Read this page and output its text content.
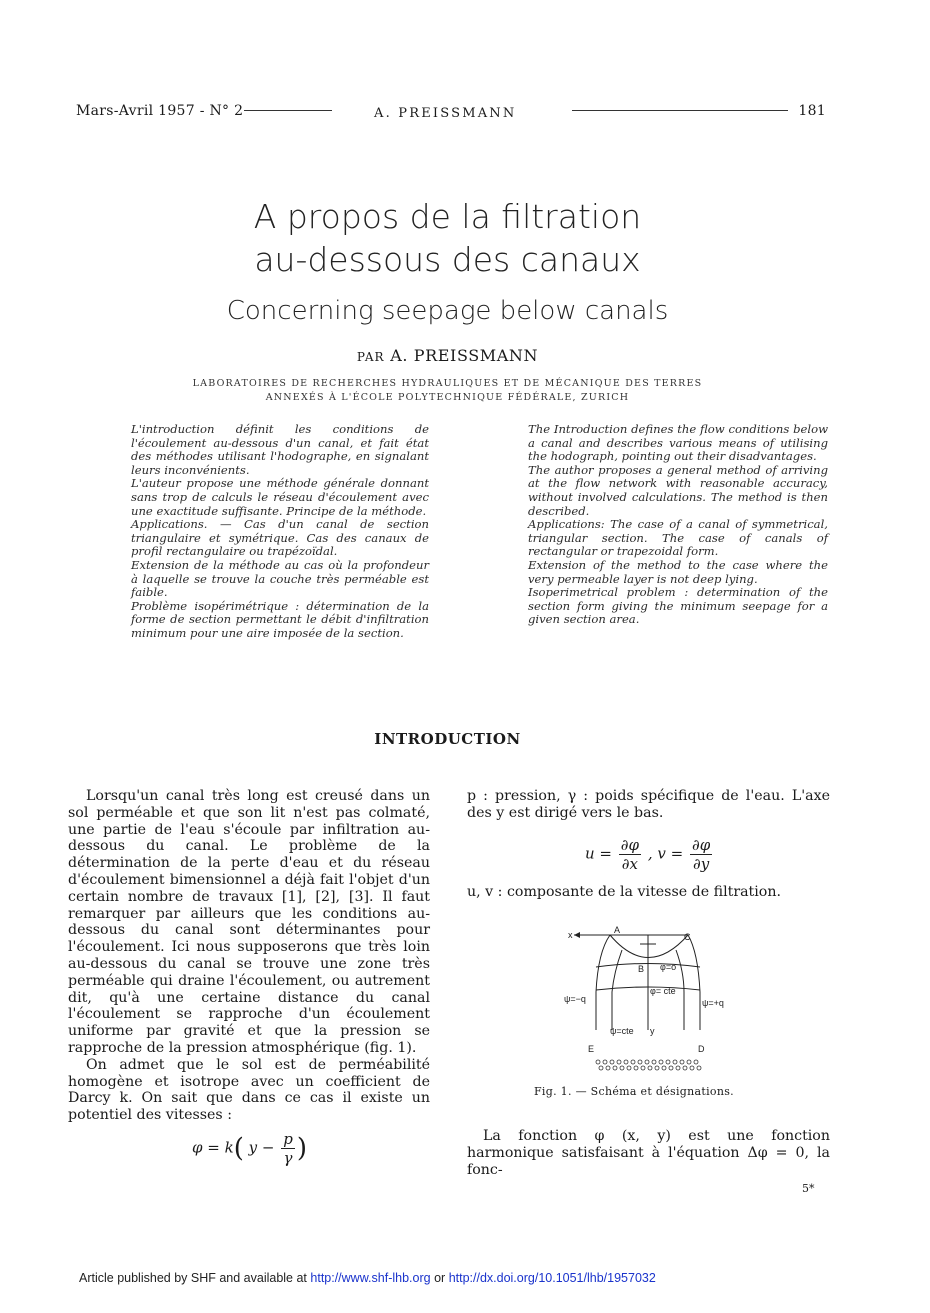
Mars-Avril 1957 - N° 2	A. PREISSMANN	181
A propos de la filtration
au-dessous des canaux
Concerning seepage below canals
PAR A. PREISSMANN
LABORATOIRES DE RECHERCHES HYDRAULIQUES ET DE MÉCANIQUE DES TERRES
ANNEXÉS À L'ÉCOLE POLYTECHNIQUE FÉDÉRALE, ZURICH

L'introduction définit les conditions de l'écoulement au-dessous d'un canal, et fait état des méthodes utilisant l'hodographe, en signalant leurs inconvénients.

L'auteur propose une méthode générale donnant sans trop de calculs le réseau d'écoulement avec une exactitude suffisante. Principe de la méthode.

Applications. — Cas d'un canal de section triangulaire et symétrique. Cas des canaux de profil rectangulaire ou trapézoïdal.

Extension de la méthode au cas où la profondeur à laquelle se trouve la couche très perméable est faible.

Problème isopérimétrique : détermination de la forme de section permettant le débit d'infiltration minimum pour une aire imposée de la section.

The Introduction defines the flow conditions below a canal and describes various means of utilising the hodograph, pointing out their disadvantages.

The author proposes a general method of arriving at the flow network with reasonable accuracy, without involved calculations. The method is then described.

Applications: The case of a canal of symmetrical, triangular section. The case of canals of rectangular or trapezoidal form.

Extension of the method to the case where the very permeable layer is not deep lying.

Isoperimetrical problem : determination of the section form giving the minimum seepage for a given section area.

INTRODUCTION

Lorsqu'un canal très long est creusé dans un sol perméable et que son lit n'est pas colmaté, une partie de l'eau s'écoule par infiltration au-dessous du canal. Le problème de la détermination de la perte d'eau et du réseau d'écoulement bimensionnel a déjà fait l'objet d'un certain nombre de travaux [1], [2], [3]. Il faut remarquer par ailleurs que les conditions au-dessous du canal sont déterminantes pour l'écoulement. Ici nous supposerons que très loin au-dessous du canal se trouve une zone très perméable qui draine l'écoulement, ou autrement dit, qu'à une certaine distance du canal l'écoulement se rapproche d'un écoulement uniforme par gravité et que la pression se rapproche de la pression atmosphérique (fig. 1).

On admet que le sol est de perméabilité homogène et isotrope avec un coefficient de Darcy k. On sait que dans ce cas il existe un potentiel des vitesses :

φ = k( $y - \frac{p}{\gamma}$ )
p : pression, γ : poids spécifique de l'eau. L'axe des y est dirigé vers le bas.
$u = \frac{\partial\varphi}{\partial x}$ , $v = \frac{\partial\varphi}{\partial y}$
u, v : composante de la vitesse de filtration.
x	A
C
B φ=o
φ= cte
ψ=−q	ψ=+q
ψ=cte y
E	D
Fig. 1. — Schéma et désignations.
La fonction φ (x, y) est une fonction harmonique satisfaisant à l'équation Δφ = 0, la fonc-
5*
Article published by SHF and available at http://www.shf-lhb.org or http://dx.doi.org/10.1051/lhb/1957032
